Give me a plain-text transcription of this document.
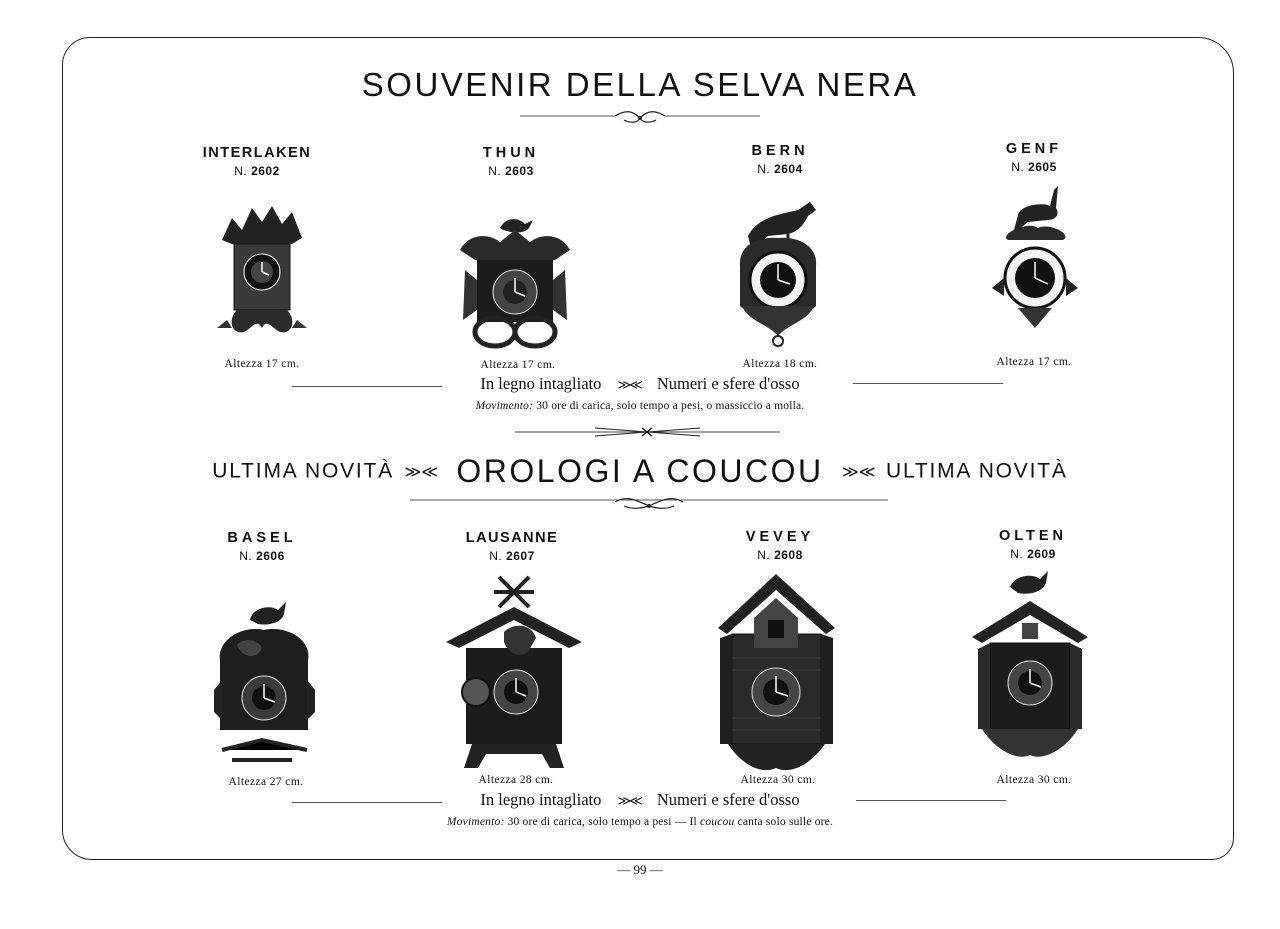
SOUVENIR DELLA SELVA NERA
INTERLAKEN
N. 2602
THUN
N. 2603
BERN
N. 2604
GENF
N. 2605
Altezza 17 cm.	Altezza 17 cm.	Altezza 18 cm.	Altezza 17 cm.
In legno intagliato ≫≪ Numeri e sfere d'osso
Movimento: 30 ore di carica, solo tempo a pesi, o massiccio a molla.
ULTIMA NOVITÀ ≫≪ OROLOGI A COUCOU ≫≪ ULTIMA NOVITÀ
BASEL
N. 2606
LAUSANNE
N. 2607
VEVEY
N. 2608
OLTEN
N. 2609
Altezza 27 cm.	Altezza 28 cm.	Altezza 30 cm.	Altezza 30 cm.
In legno intagliato ≫≪ Numeri e sfere d'osso
Movimento: 30 ore di carica, solo tempo a pesi — Il coucou canta solo sulle ore.
— 99 —
